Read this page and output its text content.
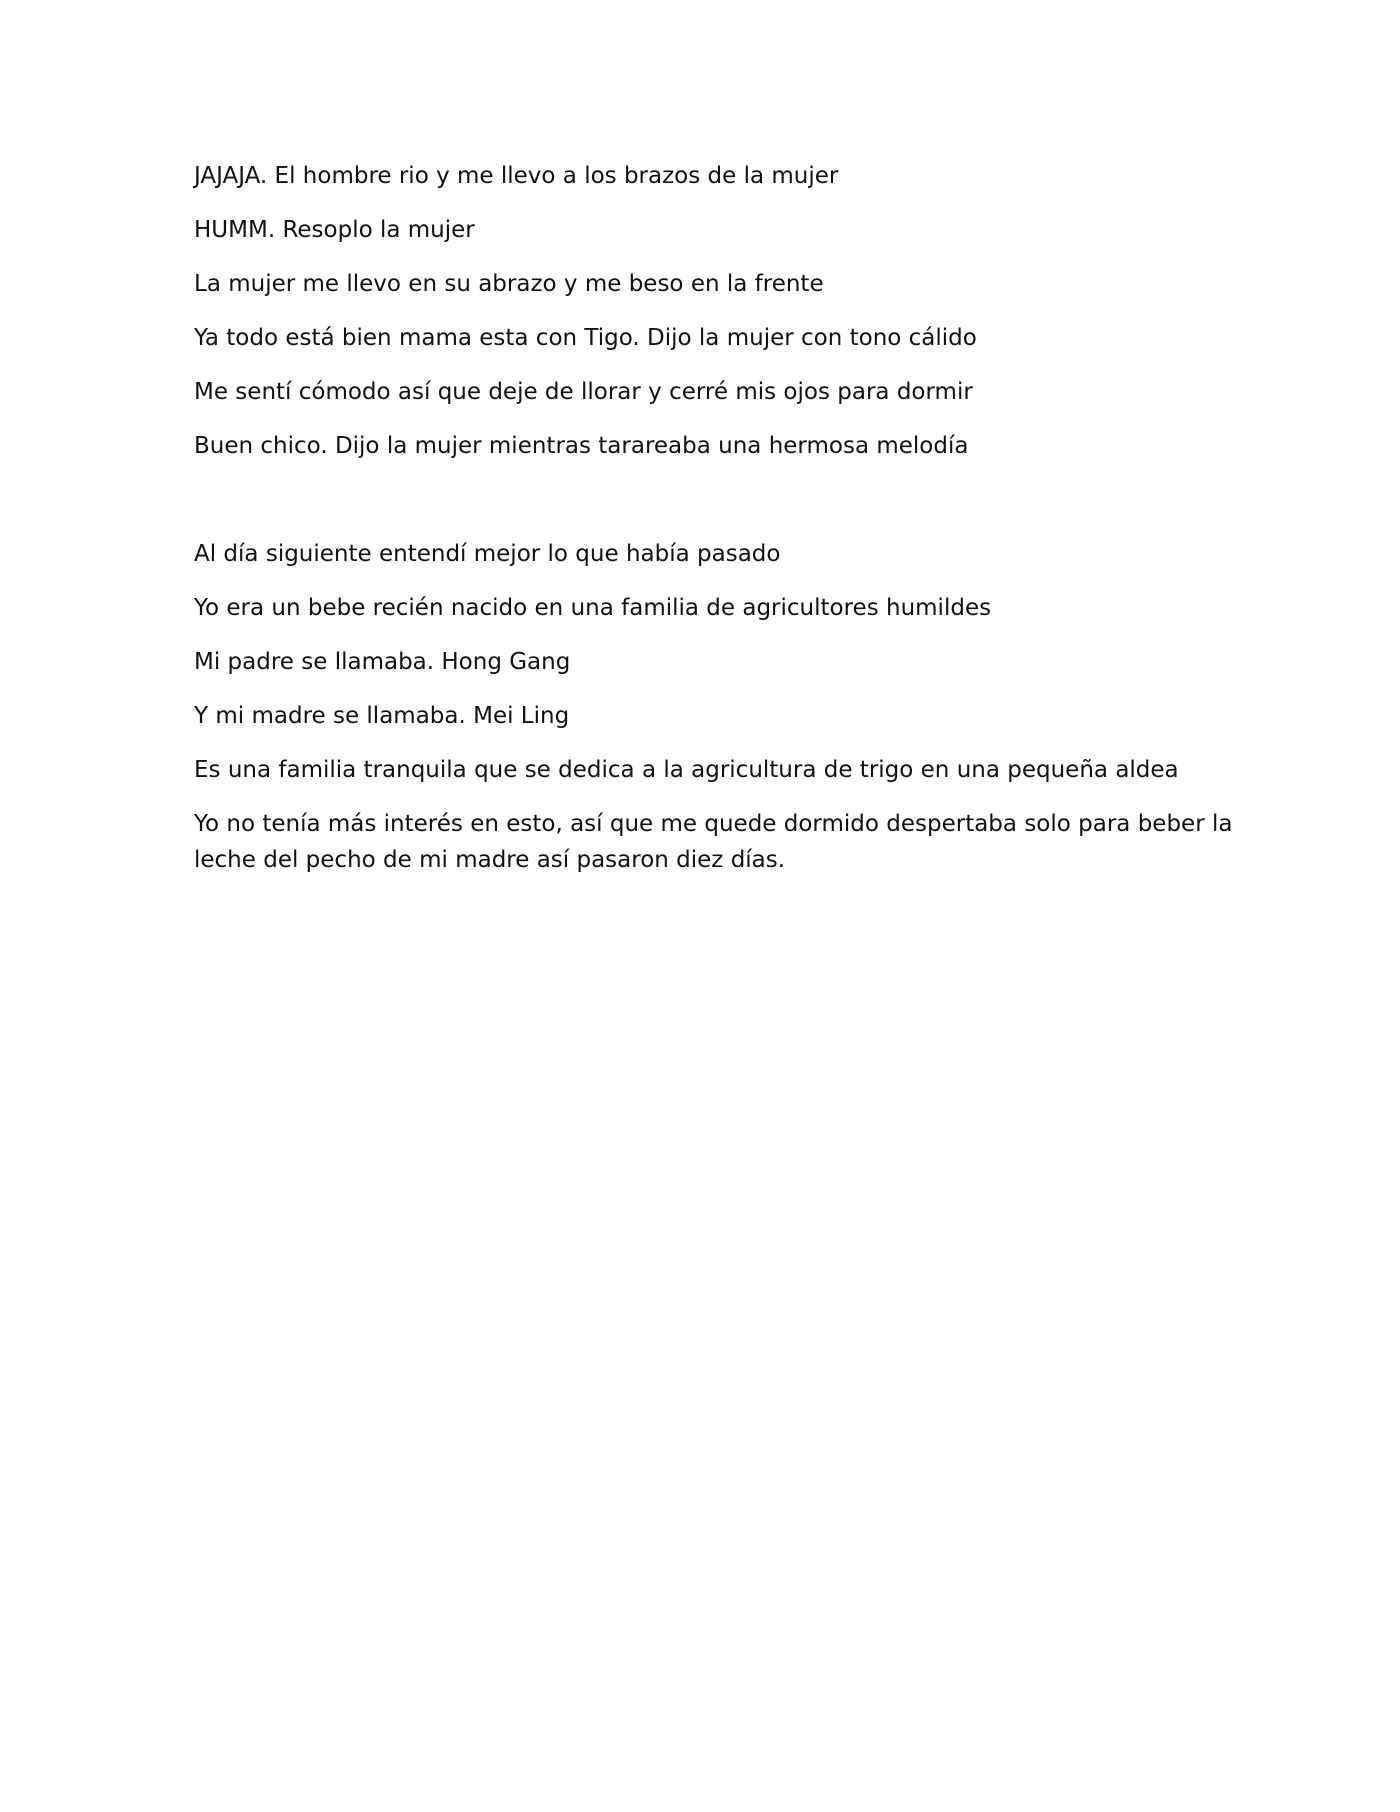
JAJAJA. El hombre rio y me llevo a los brazos de la mujer

HUMM. Resoplo la mujer

La mujer me llevo en su abrazo y me beso en la frente

Ya todo está bien mama esta con Tigo. Dijo la mujer con tono cálido

Me sentí cómodo así que deje de llorar y cerré mis ojos para dormir

Buen chico. Dijo la mujer mientras tarareaba una hermosa melodía

Al día siguiente entendí mejor lo que había pasado

Yo era un bebe recién nacido en una familia de agricultores humildes

Mi padre se llamaba. Hong Gang

Y mi madre se llamaba. Mei Ling

Es una familia tranquila que se dedica a la agricultura de trigo en una pequeña aldea

Yo no tenía más interés en esto, así que me quede dormido despertaba solo para beber la leche del pecho de mi madre así pasaron diez días.
